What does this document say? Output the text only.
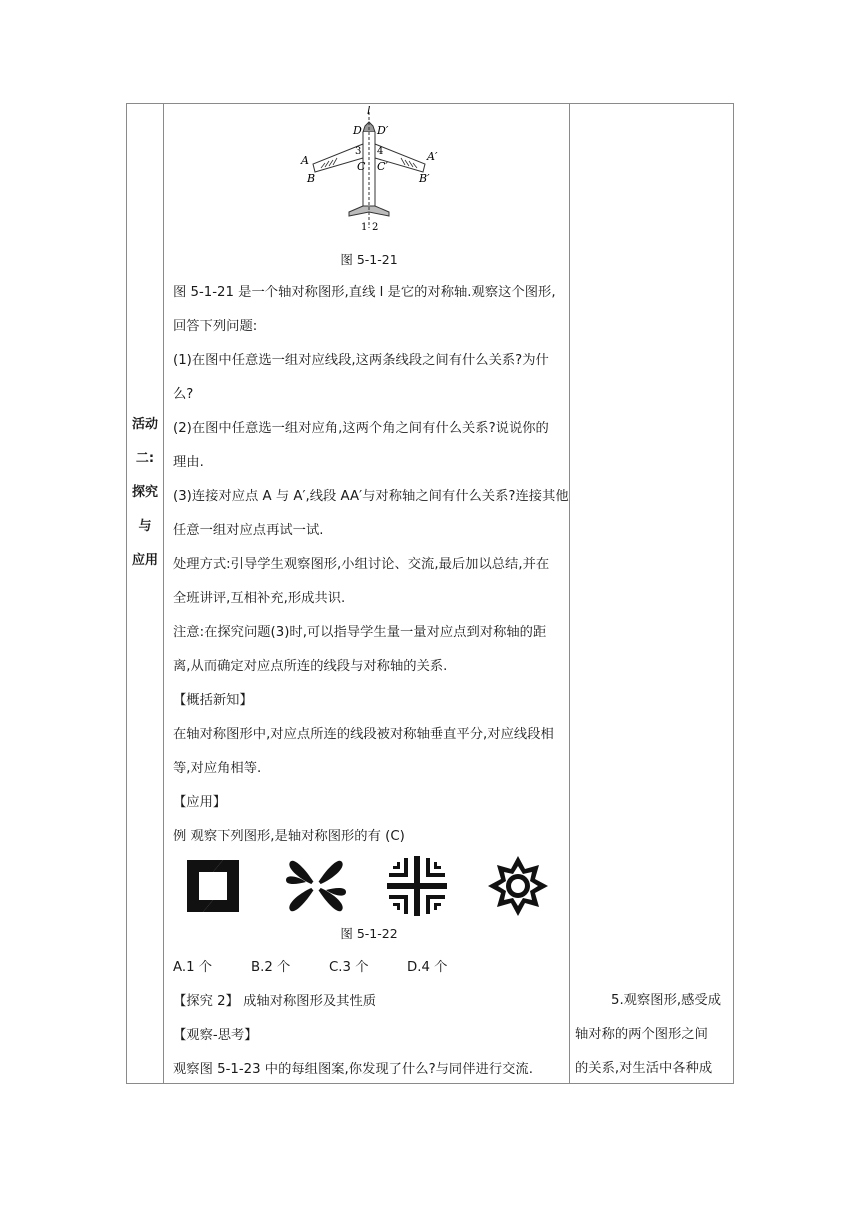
活动
二:
探究
与
应用
l
D D′
3 4
C C′
A	A′
B	B′
1 2
图 5-1-21
图 5-1-21 是一个轴对称图形,直线 l 是它的对称轴.观察这个图形,
回答下列问题:
(1)在图中任意选一组对应线段,这两条线段之间有什么关系?为什
么?
(2)在图中任意选一组对应角,这两个角之间有什么关系?说说你的
理由.
(3)连接对应点 A 与 A′,线段 AA′与对称轴之间有什么关系?连接其他
任意一组对应点再试一试.
处理方式:引导学生观察图形,小组讨论、交流,最后加以总结,并在
全班讲评,互相补充,形成共识.
注意:在探究问题(3)时,可以指导学生量一量对应点到对称轴的距
离,从而确定对应点所连的线段与对称轴的关系.
【概括新知】
在轴对称图形中,对应点所连的线段被对称轴垂直平分,对应线段相
等,对应角相等.
【应用】
例 观察下列图形,是轴对称图形的有 (C)
图 5-1-22
A.1 个	B.2 个	C.3 个	D.4 个
【探究 2】 成轴对称图形及其性质
【观察-思考】
观察图 5-1-23 中的每组图案,你发现了什么?与同伴进行交流.
5.观察图形,感受成
轴对称的两个图形之间
的关系,对生活中各种成
